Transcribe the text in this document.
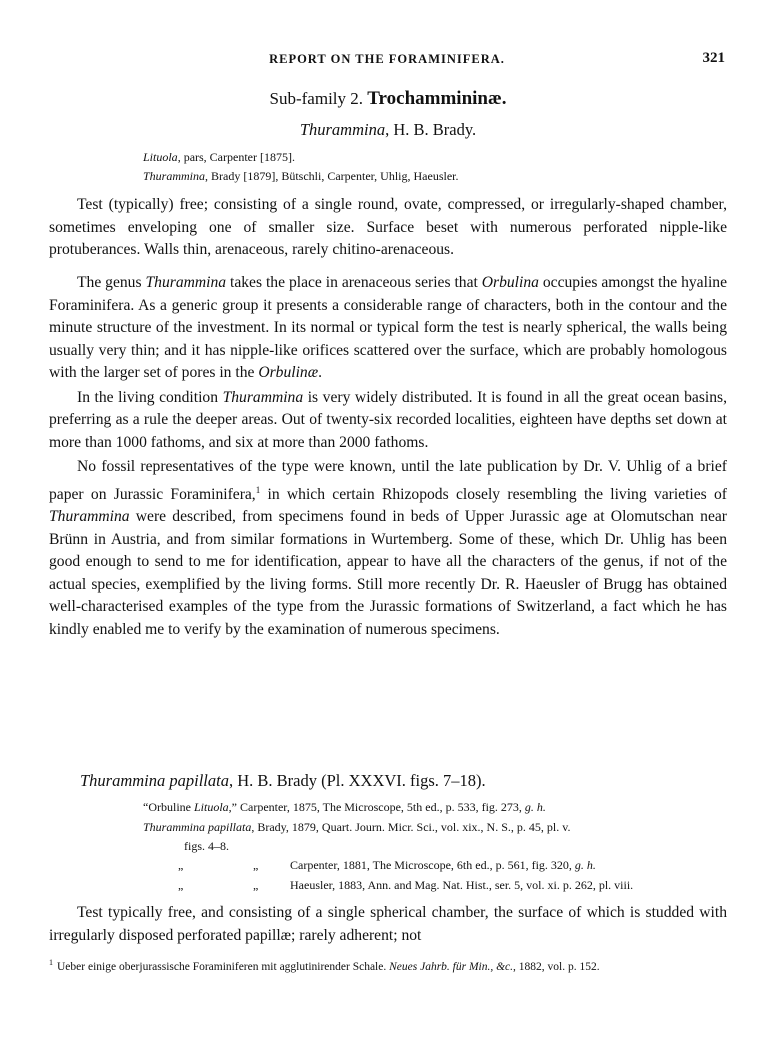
REPORT ON THE FORAMINIFERA.	321
Sub-family 2. Trochammininæ.
Thurammina, H. B. Brady.
Lituola, pars, Carpenter [1875].
Thurammina, Brady [1879], Bütschli, Carpenter, Uhlig, Haeusler.

Test (typically) free; consisting of a single round, ovate, compressed, or irregularly-shaped chamber, sometimes enveloping one of smaller size. Surface beset with numerous perforated nipple-like protuberances. Walls thin, arenaceous, rarely chitino-arenaceous.

The genus Thurammina takes the place in arenaceous series that Orbulina occupies amongst the hyaline Foraminifera. As a generic group it presents a considerable range of characters, both in the contour and the minute structure of the investment. In its normal or typical form the test is nearly spherical, the walls being usually very thin; and it has nipple-like orifices scattered over the surface, which are probably homologous with the larger set of pores in the Orbulinæ.

In the living condition Thurammina is very widely distributed. It is found in all the great ocean basins, preferring as a rule the deeper areas. Out of twenty-six recorded localities, eighteen have depths set down at more than 1000 fathoms, and six at more than 2000 fathoms.

No fossil representatives of the type were known, until the late publication by Dr. V. Uhlig of a brief paper on Jurassic Foraminifera,$^1$ in which certain Rhizopods closely resembling the living varieties of Thurammina were described, from specimens found in beds of Upper Jurassic age at Olomutschan near Brünn in Austria, and from similar formations in Wurtemberg. Some of these, which Dr. Uhlig has been good enough to send to me for identification, appear to have all the characters of the genus, if not of the actual species, exemplified by the living forms. Still more recently Dr. R. Haeusler of Brugg has obtained well-characterised examples of the type from the Jurassic formations of Switzerland, a fact which he has kindly enabled me to verify by the examination of numerous specimens.

Thurammina papillata, H. B. Brady (Pl. XXXVI. figs. 7–18).
“Orbuline Lituola,” Carpenter, 1875, The Microscope, 5th ed., p. 533, fig. 273, g. h.
Thurammina papillata, Brady, 1879, Quart. Journ. Micr. Sci., vol. xix., N. S., p. 45, pl. v.
figs. 4–8.
„	„	Carpenter, 1881, The Microscope, 6th ed., p. 561, fig. 320, g. h.
„	„	Haeusler, 1883, Ann. and Mag. Nat. Hist., ser. 5, vol. xi. p. 262, pl. viii.

Test typically free, and consisting of a single spherical chamber, the surface of which is studded with irregularly disposed perforated papillæ; rarely adherent; not

$^1$ Ueber einige oberjurassische Foraminiferen mit agglutinirender Schale. Neues Jahrb. für Min., &c., 1882, vol. p. 152.
